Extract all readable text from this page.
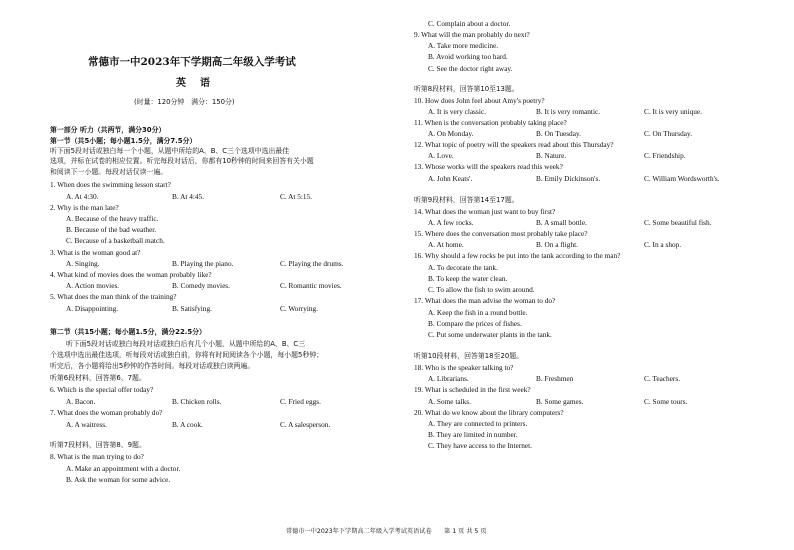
常德市一中2023年下学期高二年级入学考试
英语
(时量：120分钟　满分：150分)
第一部分 听力（共两节，满分30分）
第一节（共5小题；每小题1.5分，满分7.5分）
听下面5段对话或独白每一个小题，从题中所给的A、B、C三个选项中选出最佳
选项，并标在试卷的相应位置。听完每段对话后，你都有10秒钟的时间来回答有关小题
和阅读下一小题。每段对话仅读一遍。
1. When does the swimming lesson start?
A. At 4:30.	B. At 4:45.	C. At 5:15.
2. Why is the man late?
A. Because of the heavy traffic.
B. Because of the bad weather.
C. Because of a basketball match.
3. What is the woman good at?
A. Singing.	B. Playing the piano.	C. Playing the drums.
4. What kind of movies does the woman probably like?
A. Action movies.	B. Comedy movies.	C. Romantic movies.
5. What does the man think of the training?
A. Disappointing.	B. Satisfying.	C. Worrying.
第二节（共15小题；每小题1.5分，满分22.5分）
听下面5段对话或独白每段对话或独白后有几个小题，从题中所给的A、B、C三
个选项中选出最佳选项，听每段对话或独白前，你将有时间阅读各个小题，每小题5秒钟；
听完后，各小题将给出5秒钟的作答时间。每段对话或独白读两遍。
听第6段材料，回答第6、7题。
6. Which is the special offer today?
A. Bacon.	B. Chicken rolls.	C. Fried eggs.
7. What does the woman probably do?
A. A waitress.	B. A cook.	C. A salesperson.
听第7段材料，回答第8、9题。
8. What is the man trying to do?
A. Make an appointment with a doctor.
B. Ask the woman for some advice.
C. Complain about a doctor.
9. What will the man probably do next?
A. Take more medicine.
B. Avoid working too hard.
C. See the doctor right away.
听第8段材料，回答第10至13题。
10. How does John feel about Amy's poetry?
A. It is very classic.	B. It is very romantic.	C. It is very unique.
11. When is the conversation probably taking place?
A. On Monday.	B. On Tuesday.	C. On Thursday.
12. What topic of poetry will the speakers read about this Thursday?
A. Love.	B. Nature.	C. Friendship.
13. Whose works will the speakers read this week?
A. John Keats'.	B. Emily Dickinson's.	C. William Wordsworth's.
听第9段材料，回答第14至17题。
14. What does the woman just want to buy first?
A. A few rocks.	B. A small bottle.	C. Some beautiful fish.
15. Where does the conversation most probably take place?
A. At home.	B. On a flight.	C. In a shop.
16. Why should a few rocks be put into the tank according to the man?
A. To decorate the tank.
B. To keep the water clean.
C. To allow the fish to swim around.
17. What does the man advise the woman to do?
A. Keep the fish in a round bottle.
B. Compare the prices of fishes.
C. Put some underwater plants in the tank.
听第10段材料，回答第18至20题。
18. Who is the speaker talking to?
A. Librarians.	B. Freshmen	C. Teachers.
19. What is scheduled in the first week?
A. Some talks.	B. Some games.	C. Some tours.
20. What do we know about the library computers?
A. They are connected to printers.
B. They are limited in number.
C. They have access to the Internet.
常德市一中2023年下学期高二年级入学考试英语试卷　　第 1 页 共 5 页
